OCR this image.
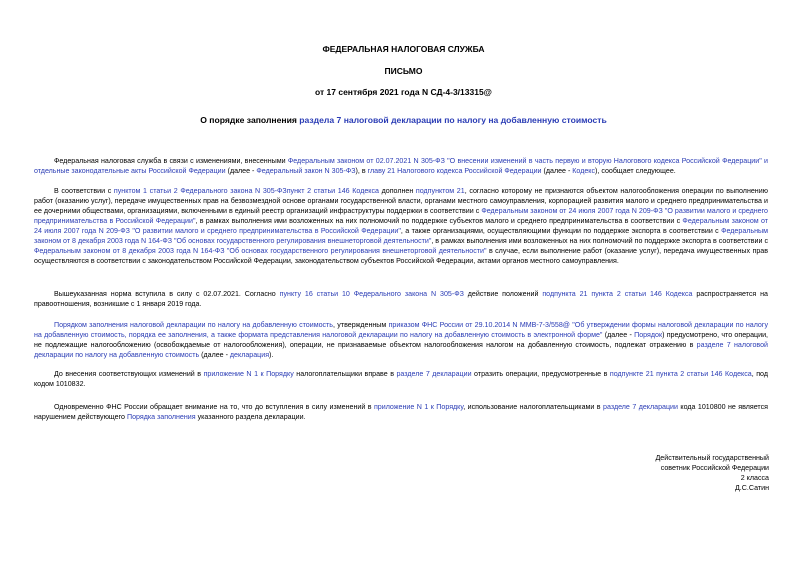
ФЕДЕРАЛЬНАЯ НАЛОГОВАЯ СЛУЖБА
ПИСЬМО
от 17 сентября 2021 года N СД-4-3/13315@
О порядке заполнения раздела 7 налоговой декларации по налогу на добавленную стоимость
Федеральная налоговая служба в связи с изменениями, внесенными Федеральным законом от 02.07.2021 N 305-ФЗ "О внесении изменений в часть первую и вторую Налогового кодекса Российской Федерации" и отдельные законодательные акты Российской Федерации (далее - Федеральный закон N 305-ФЗ), в главу 21 Налогового кодекса Российской Федерации (далее - Кодекс), сообщает следующее.
В соответствии с пунктом 1 статьи 2 Федерального закона N 305-ФЗпункт 2 статьи 146 Кодекса дополнен подпунктом 21, согласно которому не признаются объектом налогообложения операции по выполнению работ (оказанию услуг), передаче имущественных прав на безвозмездной основе органами государственной власти, органами местного самоуправления, корпорацией развития малого и среднего предпринимательства и ее дочерними обществами, организациями, включенными в единый реестр организаций инфраструктуры поддержки в соответствии с Федеральным законом от 24 июля 2007 года N 209-ФЗ "О развитии малого и среднего предпринимательства в Российской Федерации", в рамках выполнения ими возложенных на них полномочий по поддержке субъектов малого и среднего предпринимательства в соответствии с Федеральным законом от 24 июля 2007 года N 209-ФЗ "О развитии малого и среднего предпринимательства в Российской Федерации", а также организациями, осуществляющими функции по поддержке экспорта в соответствии с Федеральным законом от 8 декабря 2003 года N 164-ФЗ "Об основах государственного регулирования внешнеторговой деятельности", в рамках выполнения ими возложенных на них полномочий по поддержке экспорта в соответствии с Федеральным законом от 8 декабря 2003 года N 164-ФЗ "Об основах государственного регулирования внешнеторговой деятельности" в случае, если выполнение работ (оказание услуг), передача имущественных прав осуществляются в соответствии с законодательством Российской Федерации, законодательством субъектов Российской Федерации, актами органов местного самоуправления.
Вышеуказанная норма вступила в силу с 02.07.2021. Согласно пункту 16 статьи 10 Федерального закона N 305-ФЗ действие положений подпункта 21 пункта 2 статьи 146 Кодекса распространяется на правоотношения, возникшие с 1 января 2019 года.
Порядком заполнения налоговой декларации по налогу на добавленную стоимость, утвержденным приказом ФНС России от 29.10.2014 N ММВ-7-3/558@ "Об утверждении формы налоговой декларации по налогу на добавленную стоимость, порядка ее заполнения, а также формата представления налоговой декларации по налогу на добавленную стоимость в электронной форме" (далее - Порядок) предусмотрено, что операции, не подлежащие налогообложению (освобождаемые от налогообложения), операции, не признаваемые объектом налогообложения налогом на добавленную стоимость, подлежат отражению в разделе 7 налоговой декларации по налогу на добавленную стоимость (далее - декларация).
До внесения соответствующих изменений в приложение N 1 к Порядку налогоплательщики вправе в разделе 7 декларации отразить операции, предусмотренные в подпункте 21 пункта 2 статьи 146 Кодекса, под кодом 1010832.
Одновременно ФНС России обращает внимание на то, что до вступления в силу изменений в приложение N 1 к Порядку, использование налогоплательщиками в разделе 7 декларации кода 1010800 не является нарушением действующего Порядка заполнения указанного раздела декларации.
Действительный государственный
советник Российской Федерации
2 класса
Д.С.Сатин
